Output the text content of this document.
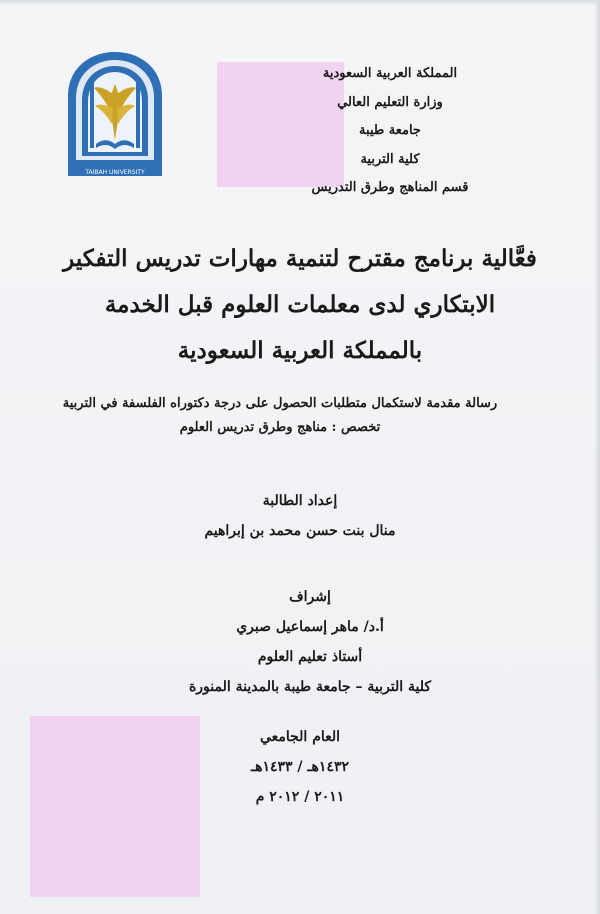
TAIBAH UNIVERSITY
المملكة العربية السعودية
وزارة التعليم العالي
جامعة طيبة
كلية التربية
قسم المناهج وطرق التدريس
فعَّالية برنامج مقترح لتنمية مهارات تدريس التفكير
الابتكاري لدى معلمات العلوم قبل الخدمة
بالمملكة العربية السعودية
رسالة مقدمة لاستكمال متطلبات الحصول على درجة دكتوراه الفلسفة في التربية
تخصص : مناهج وطرق تدريس العلوم
إعداد الطالبة
منال بنت حسن محمد بن إبراهيم
إشراف
أ.د/ ماهر إسماعيل صبري
أستاذ تعليم العلوم
كلية التربية – جامعة طيبة بالمدينة المنورة
العام الجامعي
١٤٣٢هـ / ١٤٣٣هـ
٢٠١١ / ٢٠١٢ م
